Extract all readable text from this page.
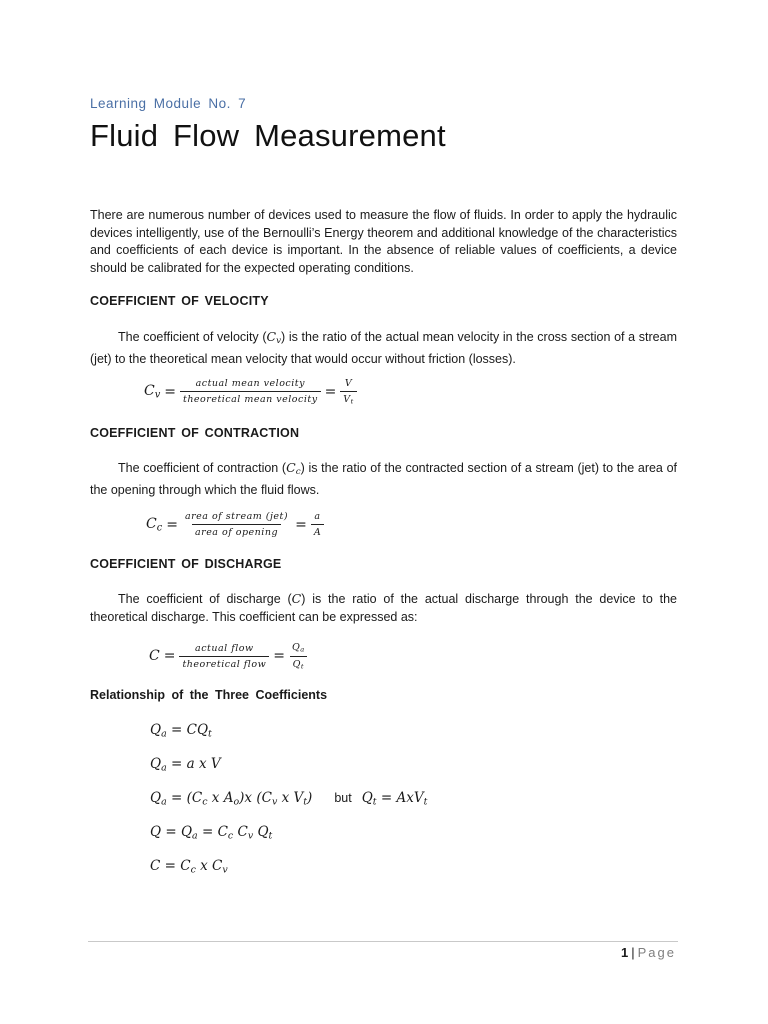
Learning Module No. 7
Fluid Flow Measurement

There are numerous number of devices used to measure the flow of fluids. In order to apply the hydraulic devices intelligently, use of the Bernoulli’s Energy theorem and additional knowledge of the characteristics and coefficients of each device is important. In the absence of reliable values of coefficients, a device should be calibrated for the expected operating conditions.

COEFFICIENT OF VELOCITY

The coefficient of velocity $(C_v)$ is the ratio of the actual mean velocity in the cross section of a stream (jet) to the theoretical mean velocity that would occur without friction (losses).

$C_v = \frac{\text{actual mean velocity}}{\text{theoretical mean velocity}} = \frac{V}{V_t}$
COEFFICIENT OF CONTRACTION

The coefficient of contraction $(C_c)$ is the ratio of the contracted section of a stream (jet) to the area of the opening through which the fluid flows.

$C_c = \frac{\text{area of stream (jet)}}{\text{area of opening}} = \frac{a}{A}$
COEFFICIENT OF DISCHARGE

The coefficient of discharge (C) is the ratio of the actual discharge through the device to the theoretical discharge. This coefficient can be expressed as:

$C = \frac{\text{actual flow}}{\text{theoretical flow}} = \frac{Q_a}{Q_t}$
Relationship of the Three Coefficients
$Q_a = CQ_t$
$Q_a = a$ x V
$Q_a = (C_c$ x $A_o)x$ ($C_v$ x $V_t$) but $Q_t = AxV_t$
$Q = Q_a = C_c$ $C_v$ $Q_t$
$C = C_c$ x $C_v$
1 | Page
